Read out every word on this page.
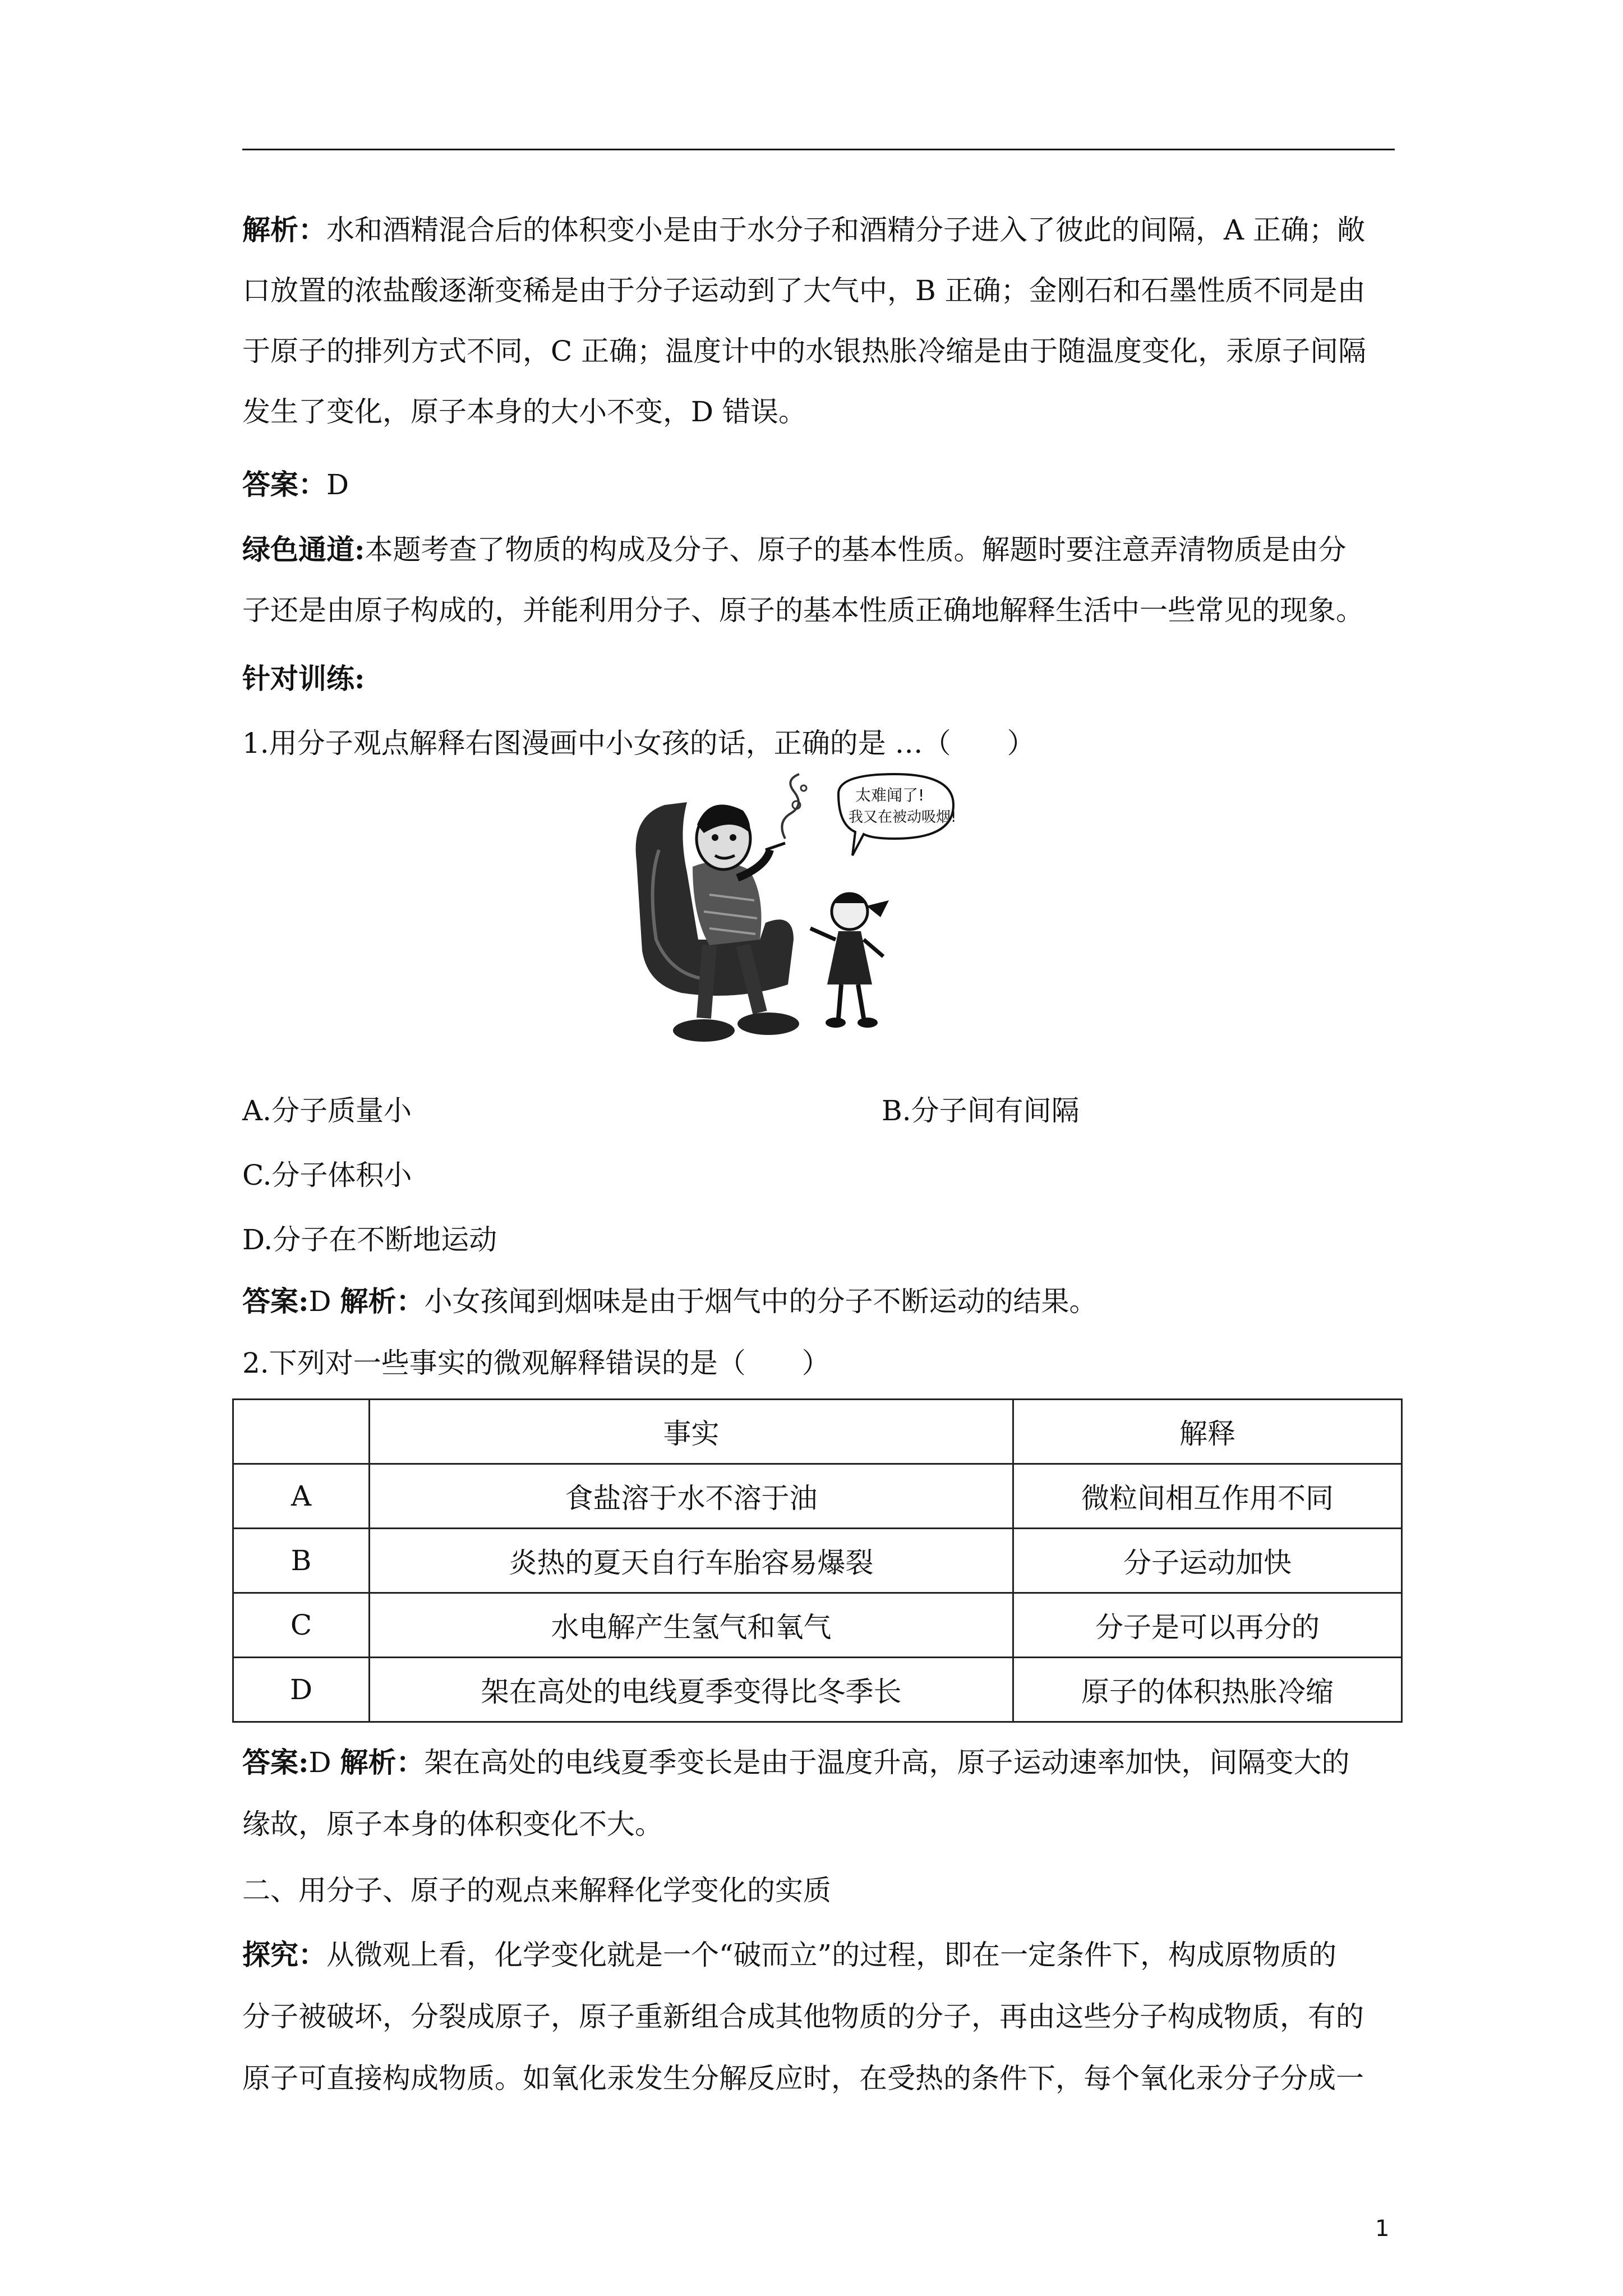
解析：水和酒精混合后的体积变小是由于水分子和酒精分子进入了彼此的间隔，A 正确；敞
口放置的浓盐酸逐渐变稀是由于分子运动到了大气中，B 正确；金刚石和石墨性质不同是由
于原子的排列方式不同，C 正确；温度计中的水银热胀冷缩是由于随温度变化，汞原子间隔
发生了变化，原子本身的大小不变，D 错误。
答案：D
绿色通道:本题考查了物质的构成及分子、原子的基本性质。解题时要注意弄清物质是由分
子还是由原子构成的，并能利用分子、原子的基本性质正确地解释生活中一些常见的现象。
针对训练:
1.用分子观点解释右图漫画中小女孩的话，正确的是 …（　　）
太难闻了!
我又在被动吸烟!
A.分子质量小	B.分子间有间隔
C.分子体积小
D.分子在不断地运动
答案:D 解析：小女孩闻到烟味是由于烟气中的分子不断运动的结果。
2.下列对一些事实的微观解释错误的是（　　）
	事实	解释
A	食盐溶于水不溶于油	微粒间相互作用不同
B	炎热的夏天自行车胎容易爆裂	分子运动加快
C	水电解产生氢气和氧气	分子是可以再分的
D	架在高处的电线夏季变得比冬季长	原子的体积热胀冷缩
答案:D 解析：架在高处的电线夏季变长是由于温度升高，原子运动速率加快，间隔变大的
缘故，原子本身的体积变化不大。
二、用分子、原子的观点来解释化学变化的实质
探究：从微观上看，化学变化就是一个“破而立”的过程，即在一定条件下，构成原物质的
分子被破坏，分裂成原子，原子重新组合成其他物质的分子，再由这些分子构成物质，有的
原子可直接构成物质。如氧化汞发生分解反应时，在受热的条件下，每个氧化汞分子分成一
1
